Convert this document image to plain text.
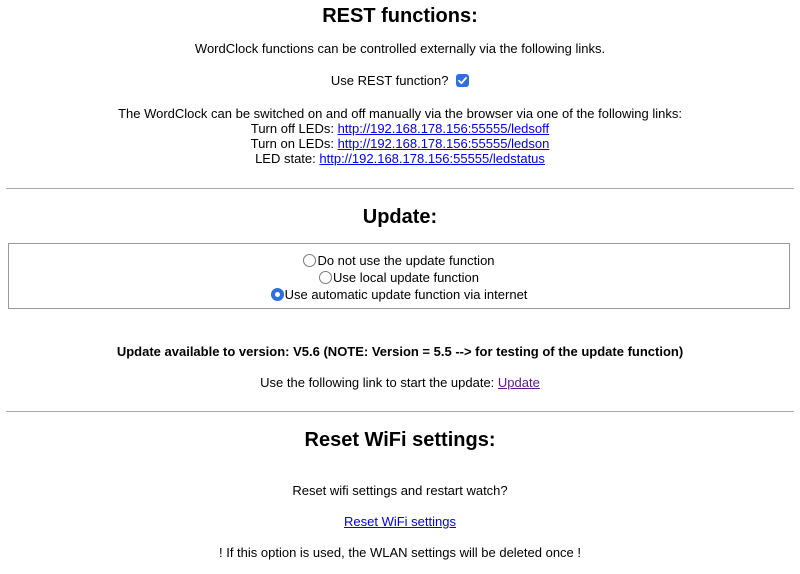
REST functions:
WordClock functions can be controlled externally via the following links.
Use REST function?
The WordClock can be switched on and off manually via the browser via one of the following links:
Turn off LEDs: http://192.168.178.156:55555/ledsoff
Turn on LEDs: http://192.168.178.156:55555/ledson
LED state: http://192.168.178.156:55555/ledstatus
Update:
Do not use the update function
Use local update function
Use automatic update function via internet
Update available to version: V5.6 (NOTE: Version = 5.5 --> for testing of the update function)
Use the following link to start the update: Update
Reset WiFi settings:
Reset wifi settings and restart watch?
Reset WiFi settings
! If this option is used, the WLAN settings will be deleted once !
